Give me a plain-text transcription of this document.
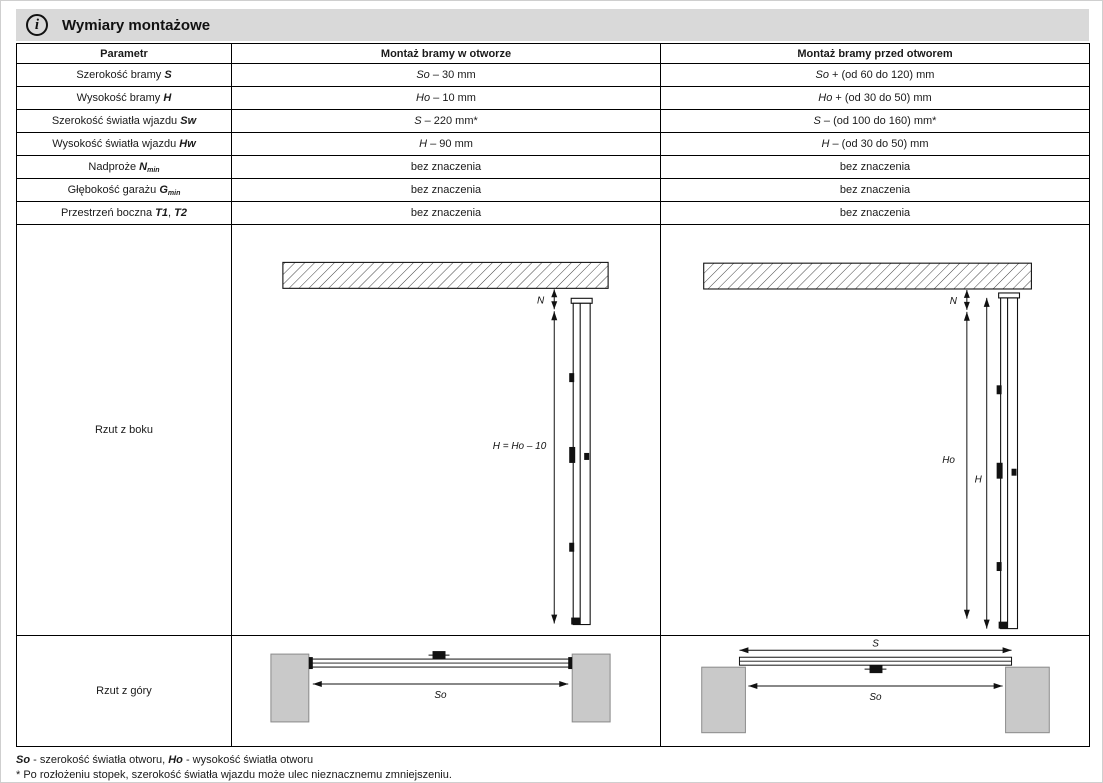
i	Wymiary montażowe
Parametr	Montaż bramy w otworze	Montaż bramy przed otworem
Szerokość bramy S	So – 30 mm	So + (od 60 do 120) mm
Wysokość bramy H	Ho – 10 mm	Ho + (od 30 do 50) mm
Szerokość światła wjazdu Sw	S – 220 mm*	S – (od 100 do 160) mm*
Wysokość światła wjazdu Hw	H – 90 mm	H – (od 30 do 50) mm
Nadproże Nmin	bez znaczenia	bez znaczenia
Głębokość garażu Gmin	bez znaczenia	bez znaczenia
Przestrzeń boczna T1, T2	bez znaczenia	bez znaczenia
Rzut z boku	N
H = Ho – 10	N
Ho
H

Rzut z góry	So	S
So
So - szerokość światła otworu, Ho - wysokość światła otworu
* Po rozłożeniu stopek, szerokość światła wjazdu może ulec nieznacznemu zmniejszeniu.
